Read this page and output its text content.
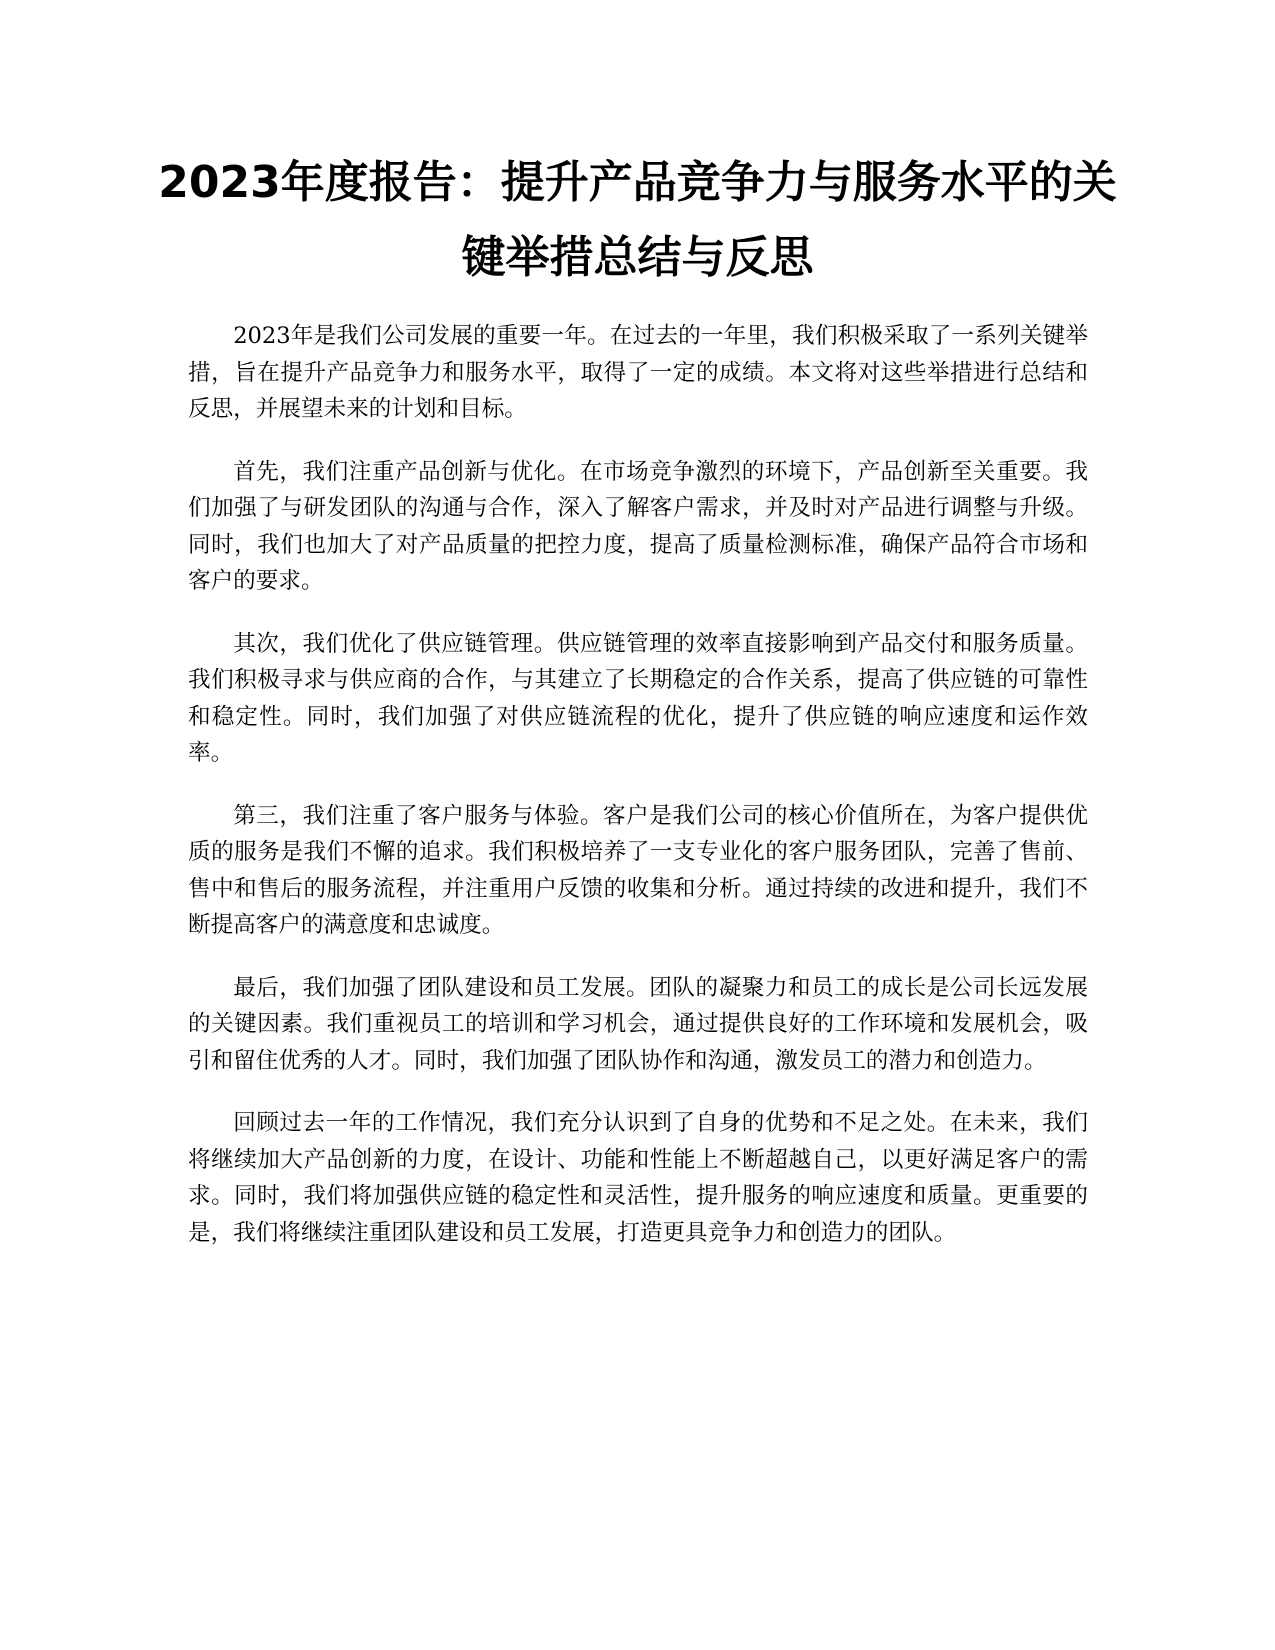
2023年度报告：提升产品竞争力与服务水平的关键举措总结与反思

2023年是我们公司发展的重要一年。在过去的一年里，我们积极采取了一系列关键举措，旨在提升产品竞争力和服务水平，取得了一定的成绩。本文将对这些举措进行总结和反思，并展望未来的计划和目标。

首先，我们注重产品创新与优化。在市场竞争激烈的环境下，产品创新至关重要。我们加强了与研发团队的沟通与合作，深入了解客户需求，并及时对产品进行调整与升级。同时，我们也加大了对产品质量的把控力度，提高了质量检测标准，确保产品符合市场和客户的要求。

其次，我们优化了供应链管理。供应链管理的效率直接影响到产品交付和服务质量。我们积极寻求与供应商的合作，与其建立了长期稳定的合作关系，提高了供应链的可靠性和稳定性。同时，我们加强了对供应链流程的优化，提升了供应链的响应速度和运作效率。

第三，我们注重了客户服务与体验。客户是我们公司的核心价值所在，为客户提供优质的服务是我们不懈的追求。我们积极培养了一支专业化的客户服务团队，完善了售前、售中和售后的服务流程，并注重用户反馈的收集和分析。通过持续的改进和提升，我们不断提高客户的满意度和忠诚度。

最后，我们加强了团队建设和员工发展。团队的凝聚力和员工的成长是公司长远发展的关键因素。我们重视员工的培训和学习机会，通过提供良好的工作环境和发展机会，吸引和留住优秀的人才。同时，我们加强了团队协作和沟通，激发员工的潜力和创造力。

回顾过去一年的工作情况，我们充分认识到了自身的优势和不足之处。在未来，我们将继续加大产品创新的力度，在设计、功能和性能上不断超越自己，以更好满足客户的需求。同时，我们将加强供应链的稳定性和灵活性，提升服务的响应速度和质量。更重要的是，我们将继续注重团队建设和员工发展，打造更具竞争力和创造力的团队。
